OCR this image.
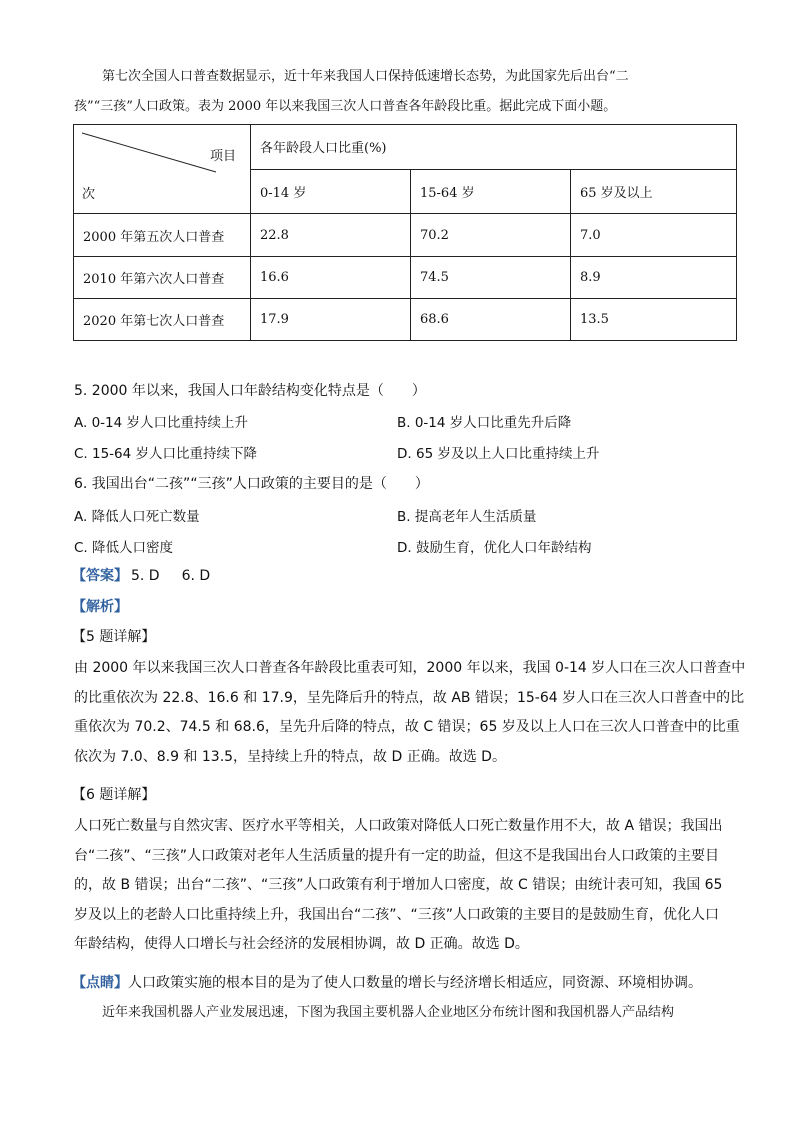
第七次全国人口普查数据显示，近十年来我国人口保持低速增长态势，为此国家先后出台“二
孩”“三孩”人口政策。表为 2000 年以来我国三次人口普查各年龄段比重。据此完成下面小题。
项目
次	各年龄段人口比重(%)		
	0-14 岁	15-64 岁	65 岁及以上
2000 年第五次人口普查	22.8	70.2	7.0
2010 年第六次人口普查	16.6	74.5	8.9
2020 年第七次人口普查	17.9	68.6	13.5
5. 2000 年以来，我国人口年龄结构变化特点是（　　）
A. 0-14 岁人口比重持续上升	B. 0-14 岁人口比重先升后降
C. 15-64 岁人口比重持续下降	D. 65 岁及以上人口比重持续上升
6. 我国出台“二孩”“三孩”人口政策的主要目的是（　　）
A. 降低人口死亡数量	B. 提高老年人生活质量
C. 降低人口密度	D. 鼓励生育，优化人口年龄结构
【答案】 5. D 6. D
【解析】
【5 题详解】
由 2000 年以来我国三次人口普查各年龄段比重表可知，2000 年以来，我国 0-14 岁人口在三次人口普查中
的比重依次为 22.8、16.6 和 17.9，呈先降后升的特点，故 AB 错误；15-64 岁人口在三次人口普查中的比
重依次为 70.2、74.5 和 68.6，呈先升后降的特点，故 C 错误；65 岁及以上人口在三次人口普查中的比重
依次为 7.0、8.9 和 13.5，呈持续上升的特点，故 D 正确。故选 D。
【6 题详解】
人口死亡数量与自然灾害、医疗水平等相关，人口政策对降低人口死亡数量作用不大，故 A 错误；我国出
台“二孩”、“三孩”人口政策对老年人生活质量的提升有一定的助益，但这不是我国出台人口政策的主要目
的，故 B 错误；出台“二孩”、“三孩”人口政策有利于增加人口密度，故 C 错误；由统计表可知，我国 65
岁及以上的老龄人口比重持续上升，我国出台“二孩”、“三孩”人口政策的主要目的是鼓励生育，优化人口
年龄结构，使得人口增长与社会经济的发展相协调，故 D 正确。故选 D。
【点睛】人口政策实施的根本目的是为了使人口数量的增长与经济增长相适应，同资源、环境相协调。
近年来我国机器人产业发展迅速，下图为我国主要机器人企业地区分布统计图和我国机器人产品结构
